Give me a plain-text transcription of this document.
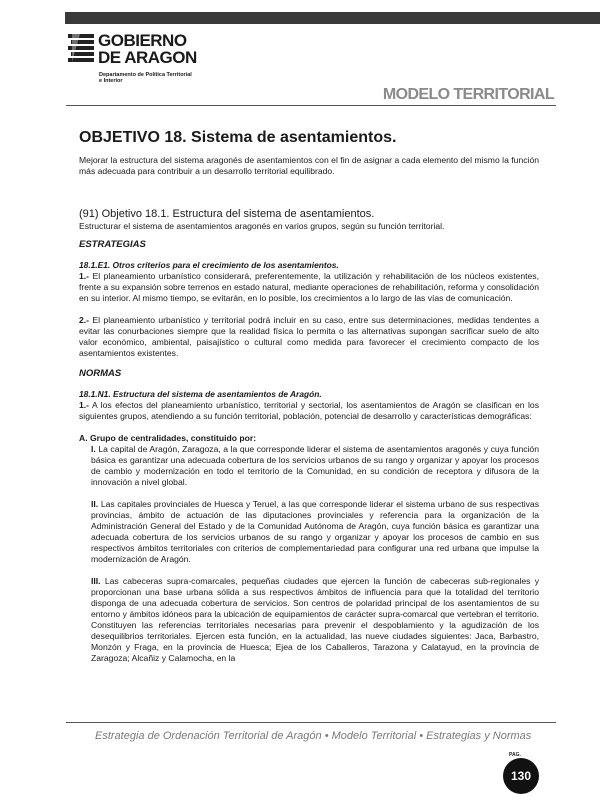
GOBIERNO
DE ARAGON
Departamento de Política Territorial
e Interior
MODELO TERRITORIAL
OBJETIVO 18. Sistema de asentamientos.

Mejorar la estructura del sistema aragonés de asentamientos con el fin de asignar a cada elemento del mismo la función más adecuada para contribuir a un desarrollo territorial equilibrado.

(91) Objetivo 18.1. Estructura del sistema de asentamientos.

Estructurar el sistema de asentamientos aragonés en varios grupos, según su función territorial.

ESTRATEGIAS

18.1.E1. Otros criterios para el crecimiento de los asentamientos.

1.- El planeamiento urbanístico considerará, preferentemente, la utilización y rehabilitación de los núcleos existentes, frente a su expansión sobre terrenos en estado natural, mediante operaciones de rehabilitación, reforma y consolidación en su interior. Al mismo tiempo, se evitarán, en lo posible, los crecimientos a lo largo de las vías de comunicación.

2.- El planeamiento urbanístico y territorial podrá incluir en su caso, entre sus determinaciones, medidas tendentes a evitar las conurbaciones siempre que la realidad física lo permita o las alternativas supongan sacrificar suelo de alto valor económico, ambiental, paisajístico o cultural como medida para favorecer el crecimiento compacto de los asentamientos existentes.

NORMAS

18.1.N1. Estructura del sistema de asentamientos de Aragón.

1.- A los efectos del planeamiento urbanístico, territorial y sectorial, los asentamientos de Aragón se clasifican en los siguientes grupos, atendiendo a su función territorial, población, potencial de desarrollo y características demográficas:

A. Grupo de centralidades, constituido por:

I. La capital de Aragón, Zaragoza, a la que corresponde liderar el sistema de asentamientos aragonés y cuya función básica es garantizar una adecuada cobertura de los servicios urbanos de su rango y organizar y apoyar los procesos de cambio y modernización en todo el territorio de la Comunidad, en su condición de receptora y difusora de la innovación a nivel global.

II. Las capitales provinciales de Huesca y Teruel, a las que corresponde liderar el sistema urbano de sus respectivas provincias, ámbito de actuación de las diputaciones provinciales y referencia para la organización de la Administración General del Estado y de la Comunidad Autónoma de Aragón, cuya función básica es garantizar una adecuada cobertura de los servicios urbanos de su rango y organizar y apoyar los procesos de cambio en sus respectivos ámbitos territoriales con criterios de complementariedad para configurar una red urbana que impulse la modernización de Aragón.

III. Las cabeceras supra-comarcales, pequeñas ciudades que ejercen la función de cabeceras sub-regionales y proporcionan una base urbana sólida a sus respectivos ámbitos de influencia para que la totalidad del territorio disponga de una adecuada cobertura de servicios. Son centros de polaridad principal de los asentamientos de su entorno y ámbitos idóneos para la ubicación de equipamientos de carácter supra-comarcal que vertebran el territorio. Constituyen las referencias territoriales necesarias para prevenir el despoblamiento y la agudización de los desequilibrios territoriales. Ejercen esta función, en la actualidad, las nueve ciudades siguientes: Jaca, Barbastro, Monzón y Fraga, en la provincia de Huesca; Ejea de los Caballeros, Tarazona y Calatayud, en la provincia de Zaragoza; Alcañiz y Calamocha, en la

Estrategia de Ordenación Territorial de Aragón • Modelo Territorial • Estrategias y Normas
PAG.
130
